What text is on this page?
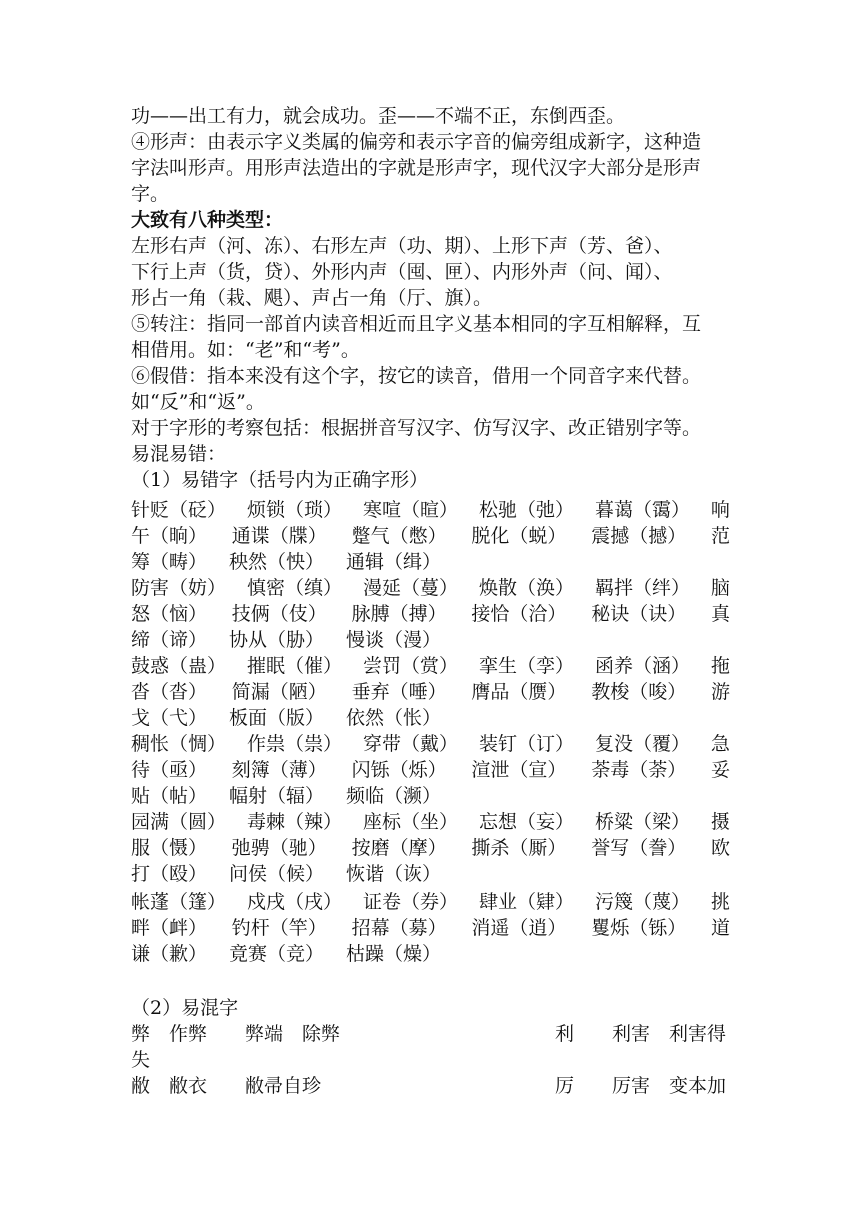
功——出工有力，就会成功。歪——不端不正，东倒西歪。
④形声：由表示字义类属的偏旁和表示字音的偏旁组成新字，这种造
字法叫形声。用形声法造出的字就是形声字，现代汉字大部分是形声
字。
大致有八种类型：
左形右声（河、冻）、右形左声（功、期）、上形下声（芳、爸）、
下行上声（货，贷）、外形内声（囤、匣）、内形外声（问、闻）、
形占一角（栽、飓）、声占一角（厅、旗）。
⑤转注：指同一部首内读音相近而且字义基本相同的字互相解释，互
相借用。如：“老”和“考”。
⑥假借：指本来没有这个字，按它的读音，借用一个同音字来代替。
如“反”和“返”。
对于字形的考察包括：根据拼音写汉字、仿写汉字、改正错别字等。
易混易错：
（1）易错字（括号内为正确字形）
针贬（砭） 烦锁（琐） 寒喧（暄） 松驰（弛） 暮蔼（霭） 响
午（晌） 通谍（牒） 蹩气（憋） 脱化（蜕） 震撼（撼） 范
筹（畴） 秧然（怏） 通辑（缉）
防害（妨） 慎密（缜） 漫延（蔓） 焕散（涣） 羁拌（绊） 脑
怒（恼） 技俩（伎） 脉膊（搏） 接恰（洽） 秘诀（诀） 真
缔（谛） 协从（胁） 慢谈（漫）
鼓惑（蛊） 摧眠（催） 尝罚（赏） 挛生（孪） 函养（涵） 拖
沓（沓） 简漏（陋） 垂弃（唾） 膺品（赝） 教梭（唆） 游
戈（弋） 板面（版） 依然（怅）
稠怅（惆） 作祟（祟） 穿带（戴） 装钉（订） 复没（覆） 急
待（亟） 刻簿（薄） 闪铄（烁） 渲泄（宣） 荼毒（荼） 妥
贴（帖） 幅射（辐） 频临（濒）
园满（圆） 毒棘（辣） 座标（坐） 忘想（妄） 桥粱（梁） 摄
服（慑） 弛骋（驰） 按磨（摩） 撕杀（厮） 誉写（誊） 欧
打（殴） 问侯（候） 恢谐（诙）
帐蓬（篷） 戍戌（戌） 证卷（券） 肆业（肄） 污篾（蔑） 挑
畔（衅） 钓杆（竿） 招幕（募） 消遥（逍） 矍烁（铄） 道
谦（歉） 竟赛（竞） 枯躁（燥）
（2）易混字
弊　作弊　　弊端　除弊	利　　利害　利害得
失
敝　敝衣　　敝帚自珍	厉　　厉害　变本加
